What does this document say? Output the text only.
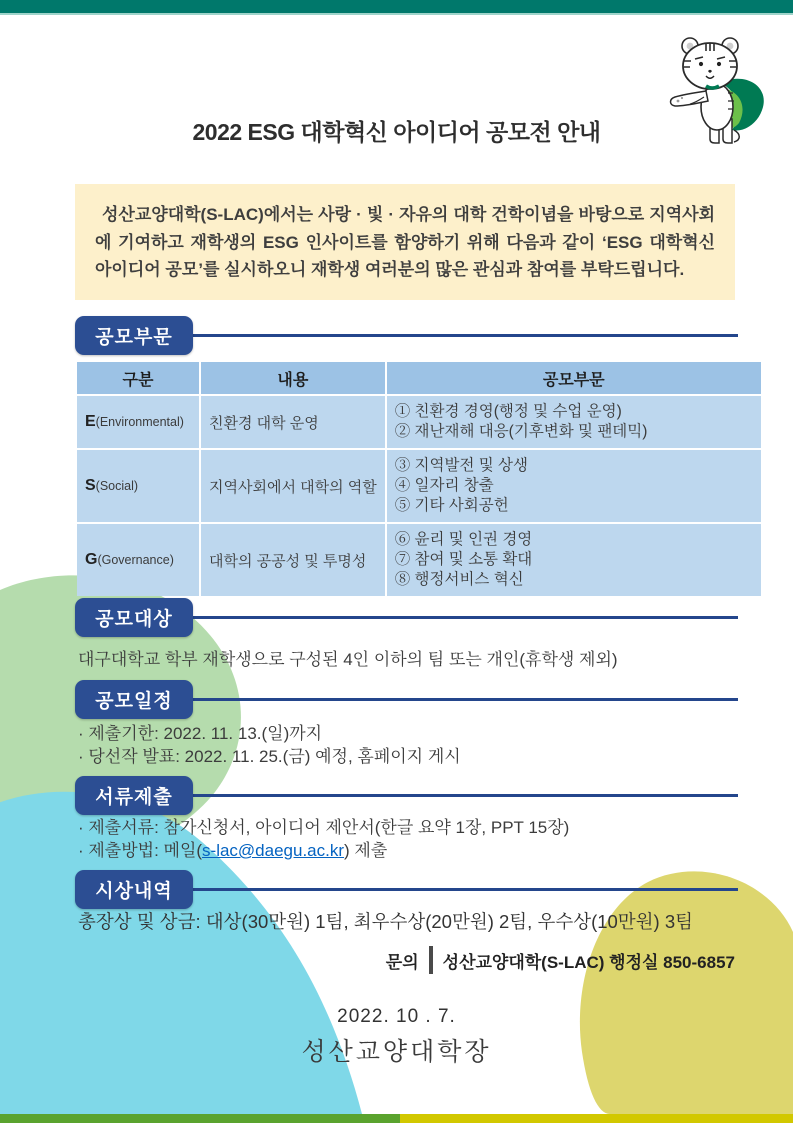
2022 ESG 대학혁신 아이디어 공모전 안내
성산교양대학(S-LAC)에서는 사랑 · 빛 · 자유의 대학 건학이념을 바탕으로 지역사회에 기여하고 재학생의 ESG 인사이트를 함양하기 위해 다음과 같이 ‘ESG 대학혁신 아이디어 공모’를 실시하오니 재학생 여러분의 많은 관심과 참여를 부탁드립니다.
공모부문
구분	내용	공모부문
E(Environmental)	친환경 대학 운영	① 친환경 경영(행정 및 수업 운영)
② 재난재해 대응(기후변화 및 팬데믹)

S(Social)	지역사회에서 대학의 역할	③ 지역발전 및 상생
④ 일자리 창출
⑤ 기타 사회공헌

G(Governance)	대학의 공공성 및 투명성	⑥ 윤리 및 인권 경영
⑦ 참여 및 소통 확대
⑧ 행정서비스 혁신
공모대상
대구대학교 학부 재학생으로 구성된 4인 이하의 팀 또는 개인(휴학생 제외)
공모일정
· 제출기한: 2022. 11. 13.(일)까지
· 당선작 발표: 2022. 11. 25.(금) 예정, 홈페이지 게시
서류제출
· 제출서류: 참가신청서, 아이디어 제안서(한글 요약 1장, PPT 15장)
· 제출방법: 메일(s-lac@daegu.ac.kr) 제출
시상내역
총장상 및 상금: 대상(30만원) 1팀, 최우수상(20만원) 2팀, 우수상(10만원) 3팀
문의 성산교양대학(S-LAC) 행정실 850-6857
2022. 10 . 7.
성산교양대학장
